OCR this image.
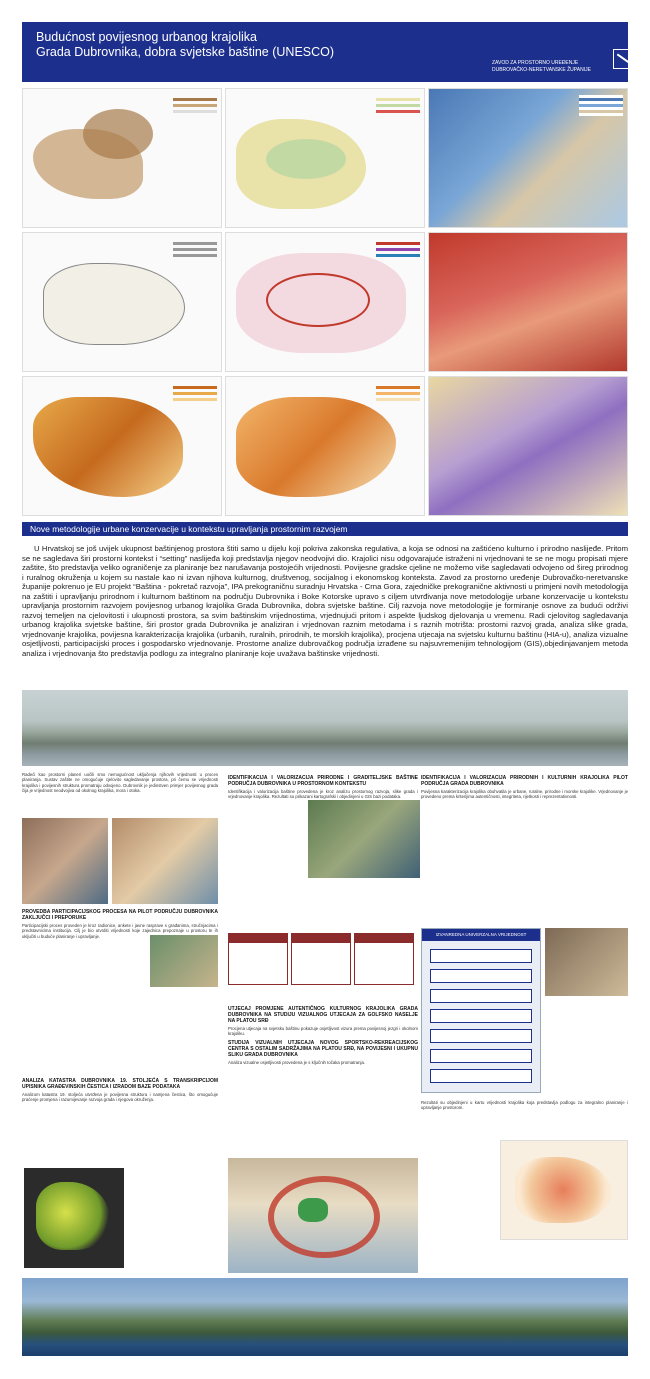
Budućnost povijesnog urbanog krajolika
Grada Dubrovnika, dobra svjetske baštine (UNESCO)
ZAVOD ZA PROSTORNO UREĐENJE DUBROVAČKO-NERETVANSKE ŽUPANIJE
Nove metodologije urbane konzervacije u kontekstu upravljanja prostornim razvojem
U Hrvatskoj se još uvijek ukupnost baštinjenog prostora štiti samo u dijelu koji pokriva zakonska regulativa, a koja se odnosi na zaštićeno kulturno i prirodno naslijeđe. Pritom se ne sagledava širi prostorni kontekst i “setting” naslijeđa koji predstavlja njegov neodvojivi dio. Krajolici nisu odgovarajuće istraženi ni vrjednovani te se ne mogu propisati mjere zaštite, što predstavlja veliko ograničenje za planiranje bez narušavanja postojećih vrijednosti. Povijesne gradske cjeline ne možemo više sagledavati odvojeno od šireg prirodnog i ruralnog okruženja u kojem su nastale kao ni izvan njihova kulturnog, društvenog, socijalnog i ekonomskog konteksta. Zavod za prostorno uređenje Dubrovačko-neretvanske županije pokrenuo je EU projekt “Baština - pokretač razvoja”, IPA prekograničnu suradnju Hrvatska - Crna Gora, zajedničke prekogranične aktivnosti u primjeni novih metodologija na zaštiti i upravljanju prirodnom i kulturnom baštinom na području Dubrovnika i Boke Kotorske upravo s ciljem utvrđivanja nove metodologije urbane konzervacije u kontekstu upravljanja prostornim razvojem povijesnog urbanog krajolika Grada Dubrovnika, dobra svjetske baštine. Cilj razvoja nove metodologije je formiranje osnove za budući održivi razvoj temeljen na cjelovitosti i ukupnosti prostora, sa svim baštinskim vrijednostima, vrjednujući pritom i aspekte ljudskog djelovanja u vremenu. Radi cjelovitog sagledavanja urbanog krajolika svjetske baštine, širi prostor grada Dubrovnika je analiziran i vrjednovan raznim metodama i s raznih motrišta: prostorni razvoj grada, analiza slike grada, vrjednovanje krajolika, povijesna karakterizacija krajolika (urbanih, ruralnih, prirodnih, te morskih krajolika), procjena utjecaja na svjetsku kulturnu baštinu (HIA-u), analiza vizualne osjetljivosti, participacijski proces i gospodarsko vrjednovanje. Prostorne analize dubrovačkog područja izrađene su najsuvremenijim tehnologijom (GIS),objedinjavanjem metoda analiza i vrjednovanja što predstavlja podlogu za integralno planiranje koje uvažava baštinske vrijednosti.

Radeći kao prostorni planeri uočili smo nemogućnost uključenja njihovih vrijednosti u proces planiranja. Sustav zaštite ne omogućuje cjelovito sagledavanje prostora, pri čemu se vrijednosti krajolika i povijesnih struktura promatraju odvojeno. Dubrovnik je jedinstven primjer povijesnog grada čija je vrijednost neodvojiva od okolnog krajolika, mora i otoka.

PROVEDBA PARTICIPACIJSKOG PROCESA NA PILOT PODRUČJU DUBROVNIKA ZAKLJUČCI I PREPORUKE

Participacijski proces proveden je kroz radionice, ankete i javne rasprave s građanima, stručnjacima i predstavnicima institucija. Cilj je bio utvrditi vrijednosti koje zajednica prepoznaje u prostoru te ih uključiti u buduće planiranje i upravljanje.

ANALIZA KATASTRA DUBROVNIKA 19. STOLJEĆA S TRANSKRIPCIJOM UPISNIKA GRAĐEVINSKIH ČESTICA I IZRADOM BAZE PODATAKA

Analizom katastra 19. stoljeća utvrđena je povijesna struktura i namjena čestica, što omogućuje praćenje promjena i razumijevanje razvoja grada i njegova okruženja.

IDENTIFIKACIJA I VALORIZACIJA PRIRODNE I GRADITELJSKE BAŠTINE PODRUČJA DUBROVNIKA U PROSTORNOM KONTEKSTU

Identifikacija i valorizacija baštine provedena je kroz analizu prostornog razvoja, slike grada i vrjednovanje krajolika. Rezultati su prikazani kartografski i objedinjeni u GIS bazi podataka.

UTJECAJ PROMJENE AUTENTIČNOG KULTURNOG KRAJOLIKA GRADA DUBROVNIKA NA STUDIJU VIZUALNOG UTJECAJA ZA GOLFSKO NASELJE NA PLATOU SRĐ

Procjena utjecaja na svjetsku baštinu pokazuje osjetljivost vizura prema povijesnoj jezgri i okolnom krajoliku.

STUDIJA VIZUALNIH UTJECAJA NOVOG SPORTSKO-REKREACIJSKOG CENTRA S OSTALIM SADRŽAJIMA NA PLATOU SRĐ, NA POVIJESNI I UKUPNU SLIKU GRADA DUBROVNIKA

Analiza vizualne osjetljivosti provedena je s ključnih točaka promatranja.

IDENTIFIKACIJA I VALORIZACIJA PRIRODNIH I KULTURNIH KRAJOLIKA PILOT PODRUČJA GRADA DUBROVNIKA

Povijesna karakterizacija krajolika obuhvatila je urbane, ruralne, prirodne i morske krajolike. Vrjednovanje je provedeno prema kriterijima autentičnosti, integriteta, rijetkosti i reprezentativnosti.

IZVANREDNA UNIVERZALNA VRIJEDNOST

Rezultati su objedinjeni u kartu vrijednosti krajolika koja predstavlja podlogu za integralno planiranje i upravljanje prostorom.
